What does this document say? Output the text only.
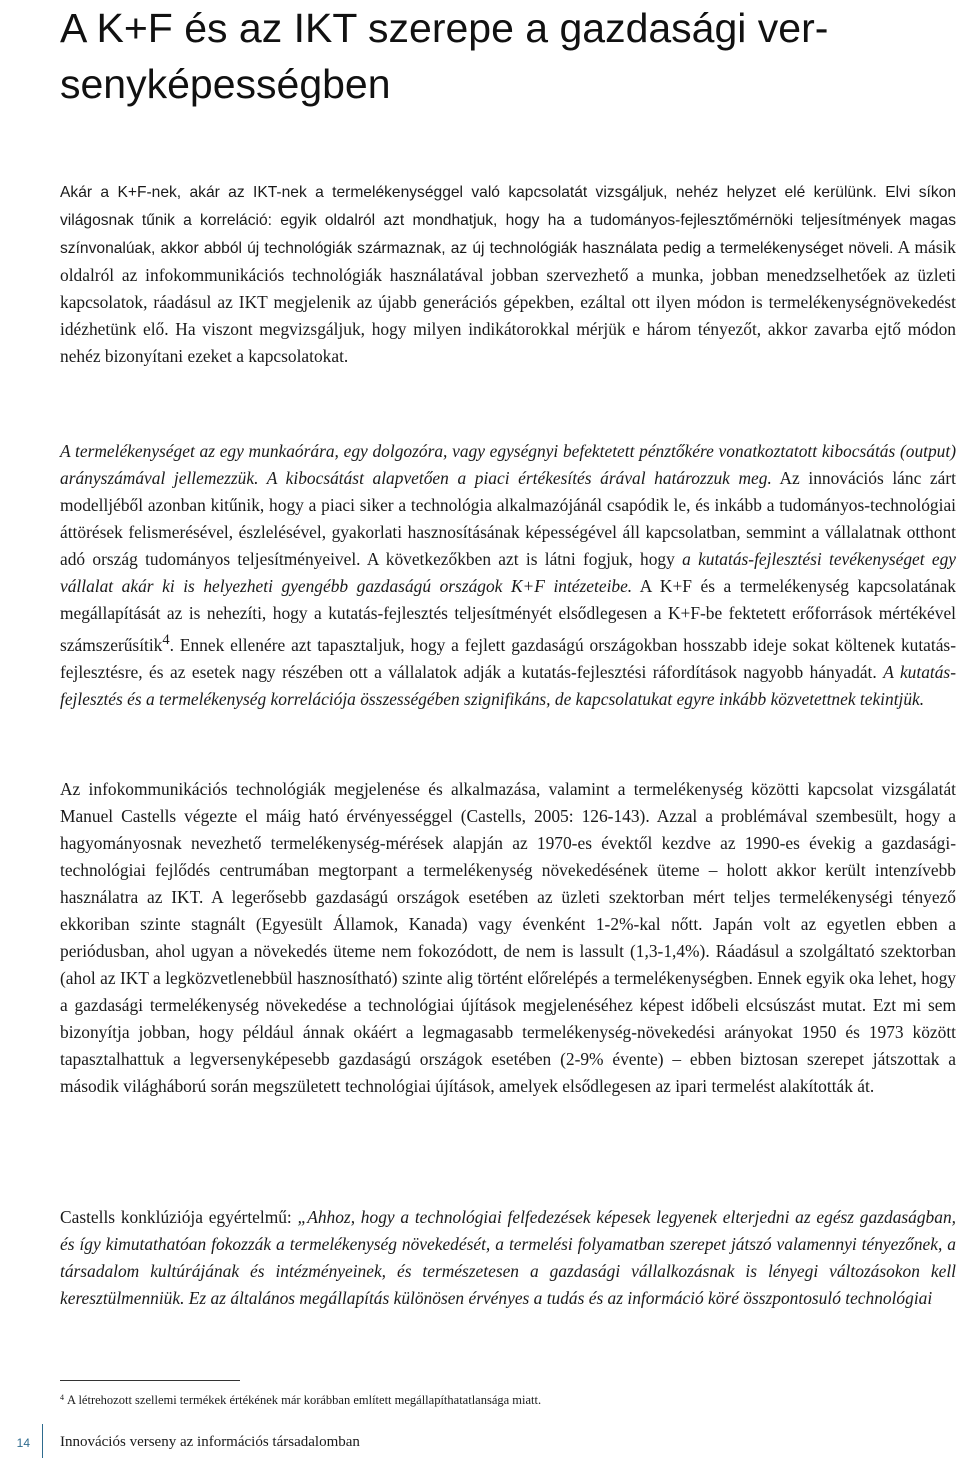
A K+F és az IKT szerepe a gazdasági versenyképességben

Akár a K+F-nek, akár az IKT-nek a termelékenységgel való kapcsolatát vizsgáljuk, nehéz helyzet elé kerülünk. Elvi síkon világosnak tűnik a korreláció: egyik oldalról azt mondhatjuk, hogy ha a tudományos-fejlesztőmérnöki teljesítmények magas színvonalúak, akkor abból új technológiák származnak, az új technológiák használata pedig a termelékenységet növeli. A másik oldalról az infokommunikációs technológiák használatával jobban szervezhető a munka, jobban menedzselhetőek az üzleti kapcsolatok, ráadásul az IKT megjelenik az újabb generációs gépekben, ezáltal ott ilyen módon is termelékenységnövekedést idézhetünk elő. Ha viszont megvizsgáljuk, hogy milyen indikátorokkal mérjük e három tényezőt, akkor zavarba ejtő módon nehéz bizonyítani ezeket a kapcsolatokat.

A termelékenységet az egy munkaórára, egy dolgozóra, vagy egységnyi befektetett pénztőkére vonatkoztatott kibocsátás (output) arányszámával jellemezzük. A kibocsátást alapvetően a piaci értékesítés árával határozzuk meg. Az innovációs lánc zárt modelljéből azonban kitűnik, hogy a piaci siker a technológia alkalmazójánál csapódik le, és inkább a tudományos-technológiai áttörések felismerésével, észlelésével, gyakorlati hasznosításának képességével áll kapcsolatban, semmint a vállalatnak otthont adó ország tudományos teljesítményeivel. A következőkben azt is látni fogjuk, hogy a kutatás-fejlesztési tevékenységet egy vállalat akár ki is helyezheti gyengébb gazdaságú országok K+F intézeteibe. A K+F és a termelékenység kapcsolatának megállapítását az is nehezíti, hogy a kutatás-fejlesztés teljesítményét elsődlegesen a K+F-be fektetett erőforrások mértékével számszerűsítik$^4$. Ennek ellenére azt tapasztaljuk, hogy a fejlett gazdaságú országokban hosszabb ideje sokat költenek kutatás-fejlesztésre, és az esetek nagy részében ott a vállalatok adják a kutatás-fejlesztési ráfordítások nagyobb hányadát. A kutatás-fejlesztés és a termelékenység korrelációja összességében szignifikáns, de kapcsolatukat egyre inkább közvetettnek tekintjük.

Az infokommunikációs technológiák megjelenése és alkalmazása, valamint a termelékenység közötti kapcsolat vizsgálatát Manuel Castells végezte el máig ható érvényességgel (Castells, 2005: 126-143). Azzal a problémával szembesült, hogy a hagyományosnak nevezhető termelékenység-mérések alapján az 1970-es évektől kezdve az 1990-es évekig a gazdasági-technológiai fejlődés centrumában megtorpant a termelékenység növekedésének üteme – holott akkor került intenzívebb használatra az IKT. A legerősebb gazdaságú országok esetében az üzleti szektorban mért teljes termelékenységi tényező ekkoriban szinte stagnált (Egyesült Államok, Kanada) vagy évenként 1-2%-kal nőtt. Japán volt az egyetlen ebben a periódusban, ahol ugyan a növekedés üteme nem fokozódott, de nem is lassult (1,3-1,4%). Ráadásul a szolgáltató szektorban (ahol az IKT a legközvetlenebbül hasznosítható) szinte alig történt előrelépés a termelékenységben. Ennek egyik oka lehet, hogy a gazdasági termelékenység növekedése a technológiai újítások megjelenéséhez képest időbeli elcsúszást mutat. Ezt mi sem bizonyítja jobban, hogy például ánnak okáért a legmagasabb termelékenység-növekedési arányokat 1950 és 1973 között tapasztalhattuk a legversenyképesebb gazdaságú országok esetében (2-9% évente) – ebben biztosan szerepet játszottak a második világháború során megszületett technológiai újítások, amelyek elsődlegesen az ipari termelést alakították át.

Castells konklúziója egyértelmű: „Ahhoz, hogy a technológiai felfedezések képesek legyenek elterjedni az egész gazdaságban, és így kimutathatóan fokozzák a termelékenység növekedését, a termelési folyamatban szerepet játszó valamennyi tényezőnek, a társadalom kultúrájának és intézményeinek, és természetesen a gazdasági vállalkozásnak is lényegi változásokon kell keresztülmenniük. Ez az általános megállapítás különösen érvényes a tudás és az információ köré összpontosuló technológiai

$^4$ A létrehozott szellemi termékek értékének már korábban említett megállapíthatatlansága miatt.
14 Innovációs verseny az információs társadalomban
